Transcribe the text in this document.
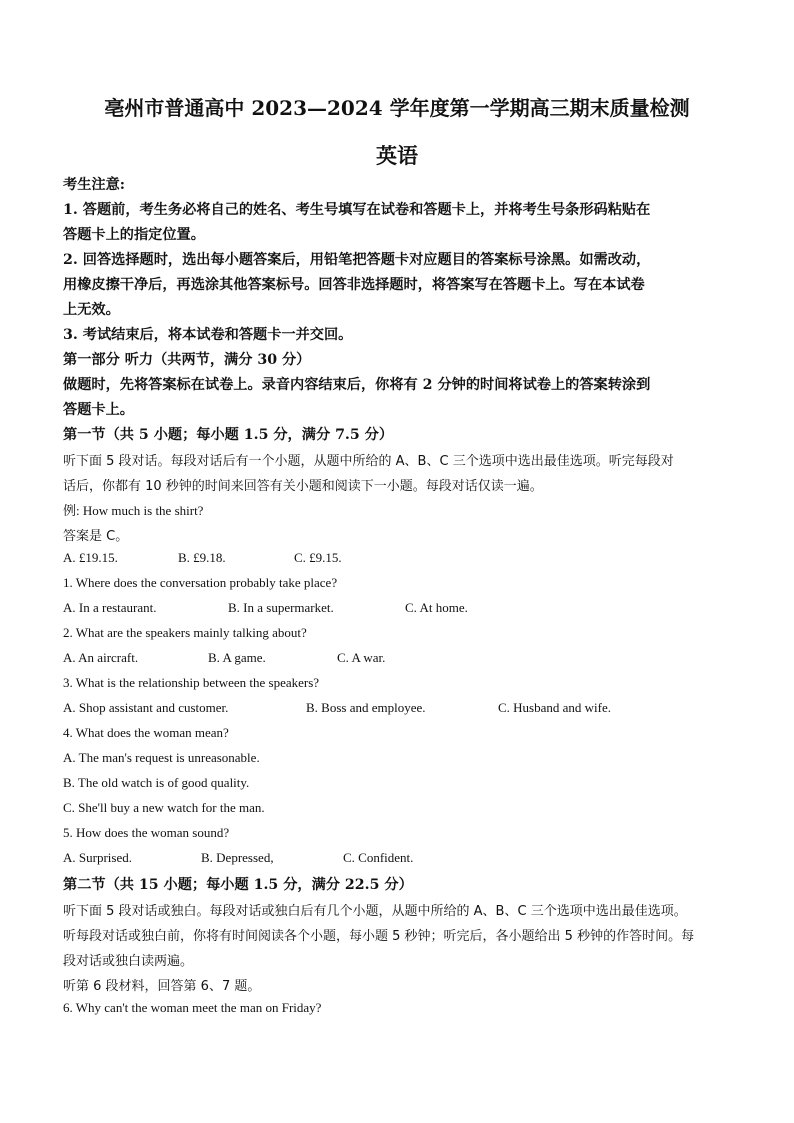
亳州市普通高中 2023—2024 学年度第一学期高三期末质量检测
英语
考生注意:
1. 答题前，考生务必将自己的姓名、考生号填写在试卷和答题卡上，并将考生号条形码粘贴在
答题卡上的指定位置。
2. 回答选择题时，选出每小题答案后，用铅笔把答题卡对应题目的答案标号涂黑。如需改动，
用橡皮擦干净后，再选涂其他答案标号。回答非选择题时，将答案写在答题卡上。写在本试卷
上无效。
3. 考试结束后，将本试卷和答题卡一并交回。
第一部分 听力（共两节，满分 30 分）
做题时，先将答案标在试卷上。录音内容结束后，你将有 2 分钟的时间将试卷上的答案转涂到
答题卡上。
第一节（共 5 小题；每小题 1.5 分，满分 7.5 分）
听下面 5 段对话。每段对话后有一个小题，从题中所给的 A、B、C 三个选项中选出最佳选项。听完每段对
话后，你都有 10 秒钟的时间来回答有关小题和阅读下一小题。每段对话仅读一遍。
例: How much is the shirt?
答案是 C。
A. £19.15.	B. £9.18.	C. £9.15.
1. Where does the conversation probably take place?
A. In a restaurant.	B. In a supermarket.	C. At home.
2. What are the speakers mainly talking about?
A. An aircraft.	B. A game.	C. A war.
3. What is the relationship between the speakers?
A. Shop assistant and customer.	B. Boss and employee.	C. Husband and wife.
4. What does the woman mean?
A. The man's request is unreasonable.
B. The old watch is of good quality.
C. She'll buy a new watch for the man.
5. How does the woman sound?
A. Surprised.	B. Depressed,	C. Confident.
第二节（共 15 小题；每小题 1.5 分，满分 22.5 分）
听下面 5 段对话或独白。每段对话或独白后有几个小题，从题中所给的 A、B、C 三个选项中选出最佳选项。
听每段对话或独白前，你将有时间阅读各个小题，每小题 5 秒钟；听完后，各小题给出 5 秒钟的作答时间。每
段对话或独白读两遍。
听第 6 段材料，回答第 6、7 题。
6. Why can't the woman meet the man on Friday?
